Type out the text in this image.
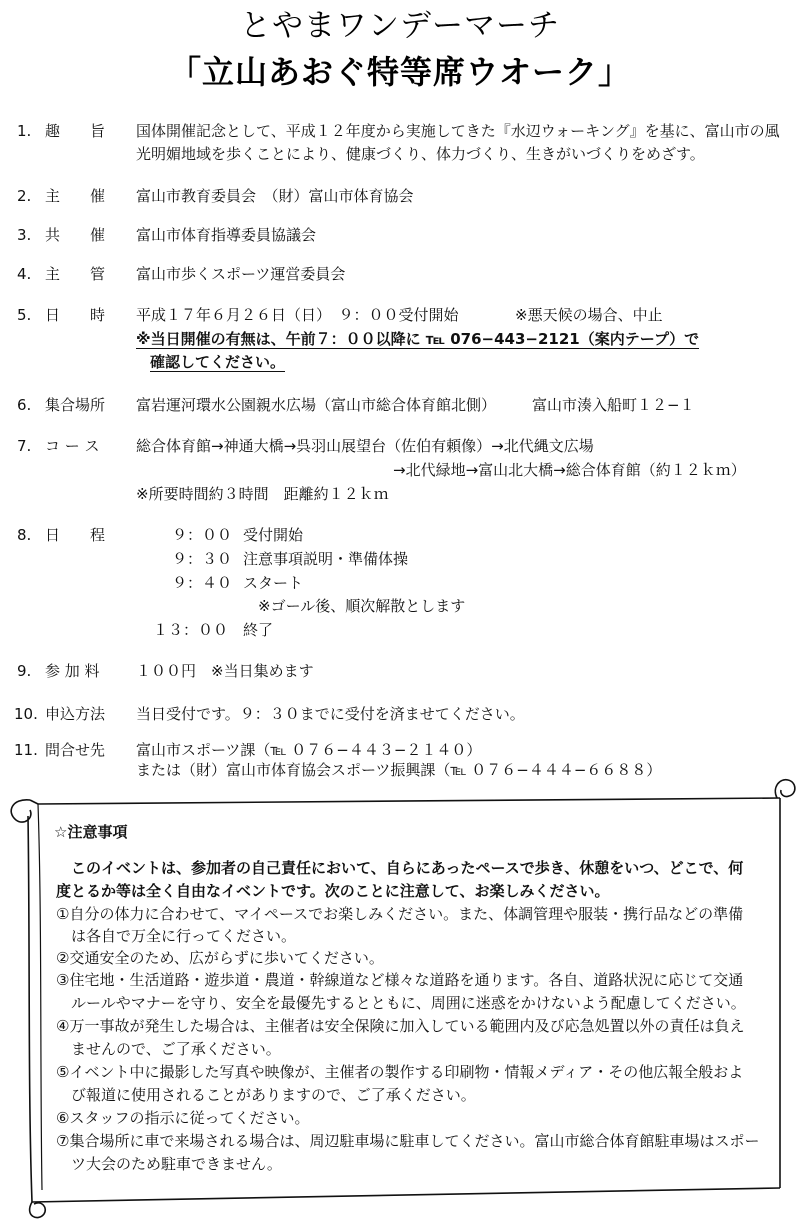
とやまワンデーマーチ
「立山あおぐ特等席ウオーク」
1. 趣　　旨 国体開催記念として、平成１２年度から実施してきた『水辺ウォーキング』を基に、富山市の風
光明媚地域を歩くことにより、健康づくり、体力づくり、生きがいづくりをめざす。
2. 主　　催 富山市教育委員会　（財）富山市体育協会
3. 共　　催 富山市体育指導委員協議会
4. 主　　管 富山市歩くスポーツ運営委員会
5. 日　　時 平成１７年６月２６日（日）　９：００受付開始	※悪天候の場合、中止
※当日開催の有無は、午前７：００以降に ℡ 076−443−2121（案内テープ）で
確認してください。
6. 集合場所 富岩運河環水公園親水広場（富山市総合体育館北側） 富山市湊入船町１２−１
7. コ ー ス 総合体育館→神通大橋→呉羽山展望台（佐伯有頼像）→北代縄文広場
→北代緑地→富山北大橋→総合体育館（約１２ｋｍ）
※所要時間約３時間　距離約１２ｋｍ
8. 日　　程	９：００ 受付開始
９：３０ 注意事項説明・準備体操
９：４０ スタート
※ゴール後、順次解散とします
１３：００ 終了
9. 参 加 料 １００円　※当日集めます
10. 申込方法 当日受付です。９：３０までに受付を済ませてください。
11. 問合せ先 富山市スポーツ課（℡ ０７６−４４３−２１４０）
または（財）富山市体育協会スポーツ振興課（℡ ０７６−４４４−６６８８）
☆注意事項
　このイベントは、参加者の自己責任において、自らにあったペースで歩き、休憩をいつ、どこで、何
度とるか等は全く自由なイベントです。次のことに注意して、お楽しみください。
①自分の体力に合わせて、マイペースでお楽しみください。また、体調管理や服装・携行品などの準備
　は各自で万全に行ってください。
②交通安全のため、広がらずに歩いてください。
③住宅地・生活道路・遊歩道・農道・幹線道など様々な道路を通ります。各自、道路状況に応じて交通
　ルールやマナーを守り、安全を最優先するとともに、周囲に迷惑をかけないよう配慮してください。
④万一事故が発生した場合は、主催者は安全保険に加入している範囲内及び応急処置以外の責任は負え
　ませんので、ご了承ください。
⑤イベント中に撮影した写真や映像が、主催者の製作する印刷物・情報メディア・その他広報全般およ
　び報道に使用されることがありますので、ご了承ください。
⑥スタッフの指示に従ってください。
⑦集合場所に車で来場される場合は、周辺駐車場に駐車してください。富山市総合体育館駐車場はスポー
　ツ大会のため駐車できません。
